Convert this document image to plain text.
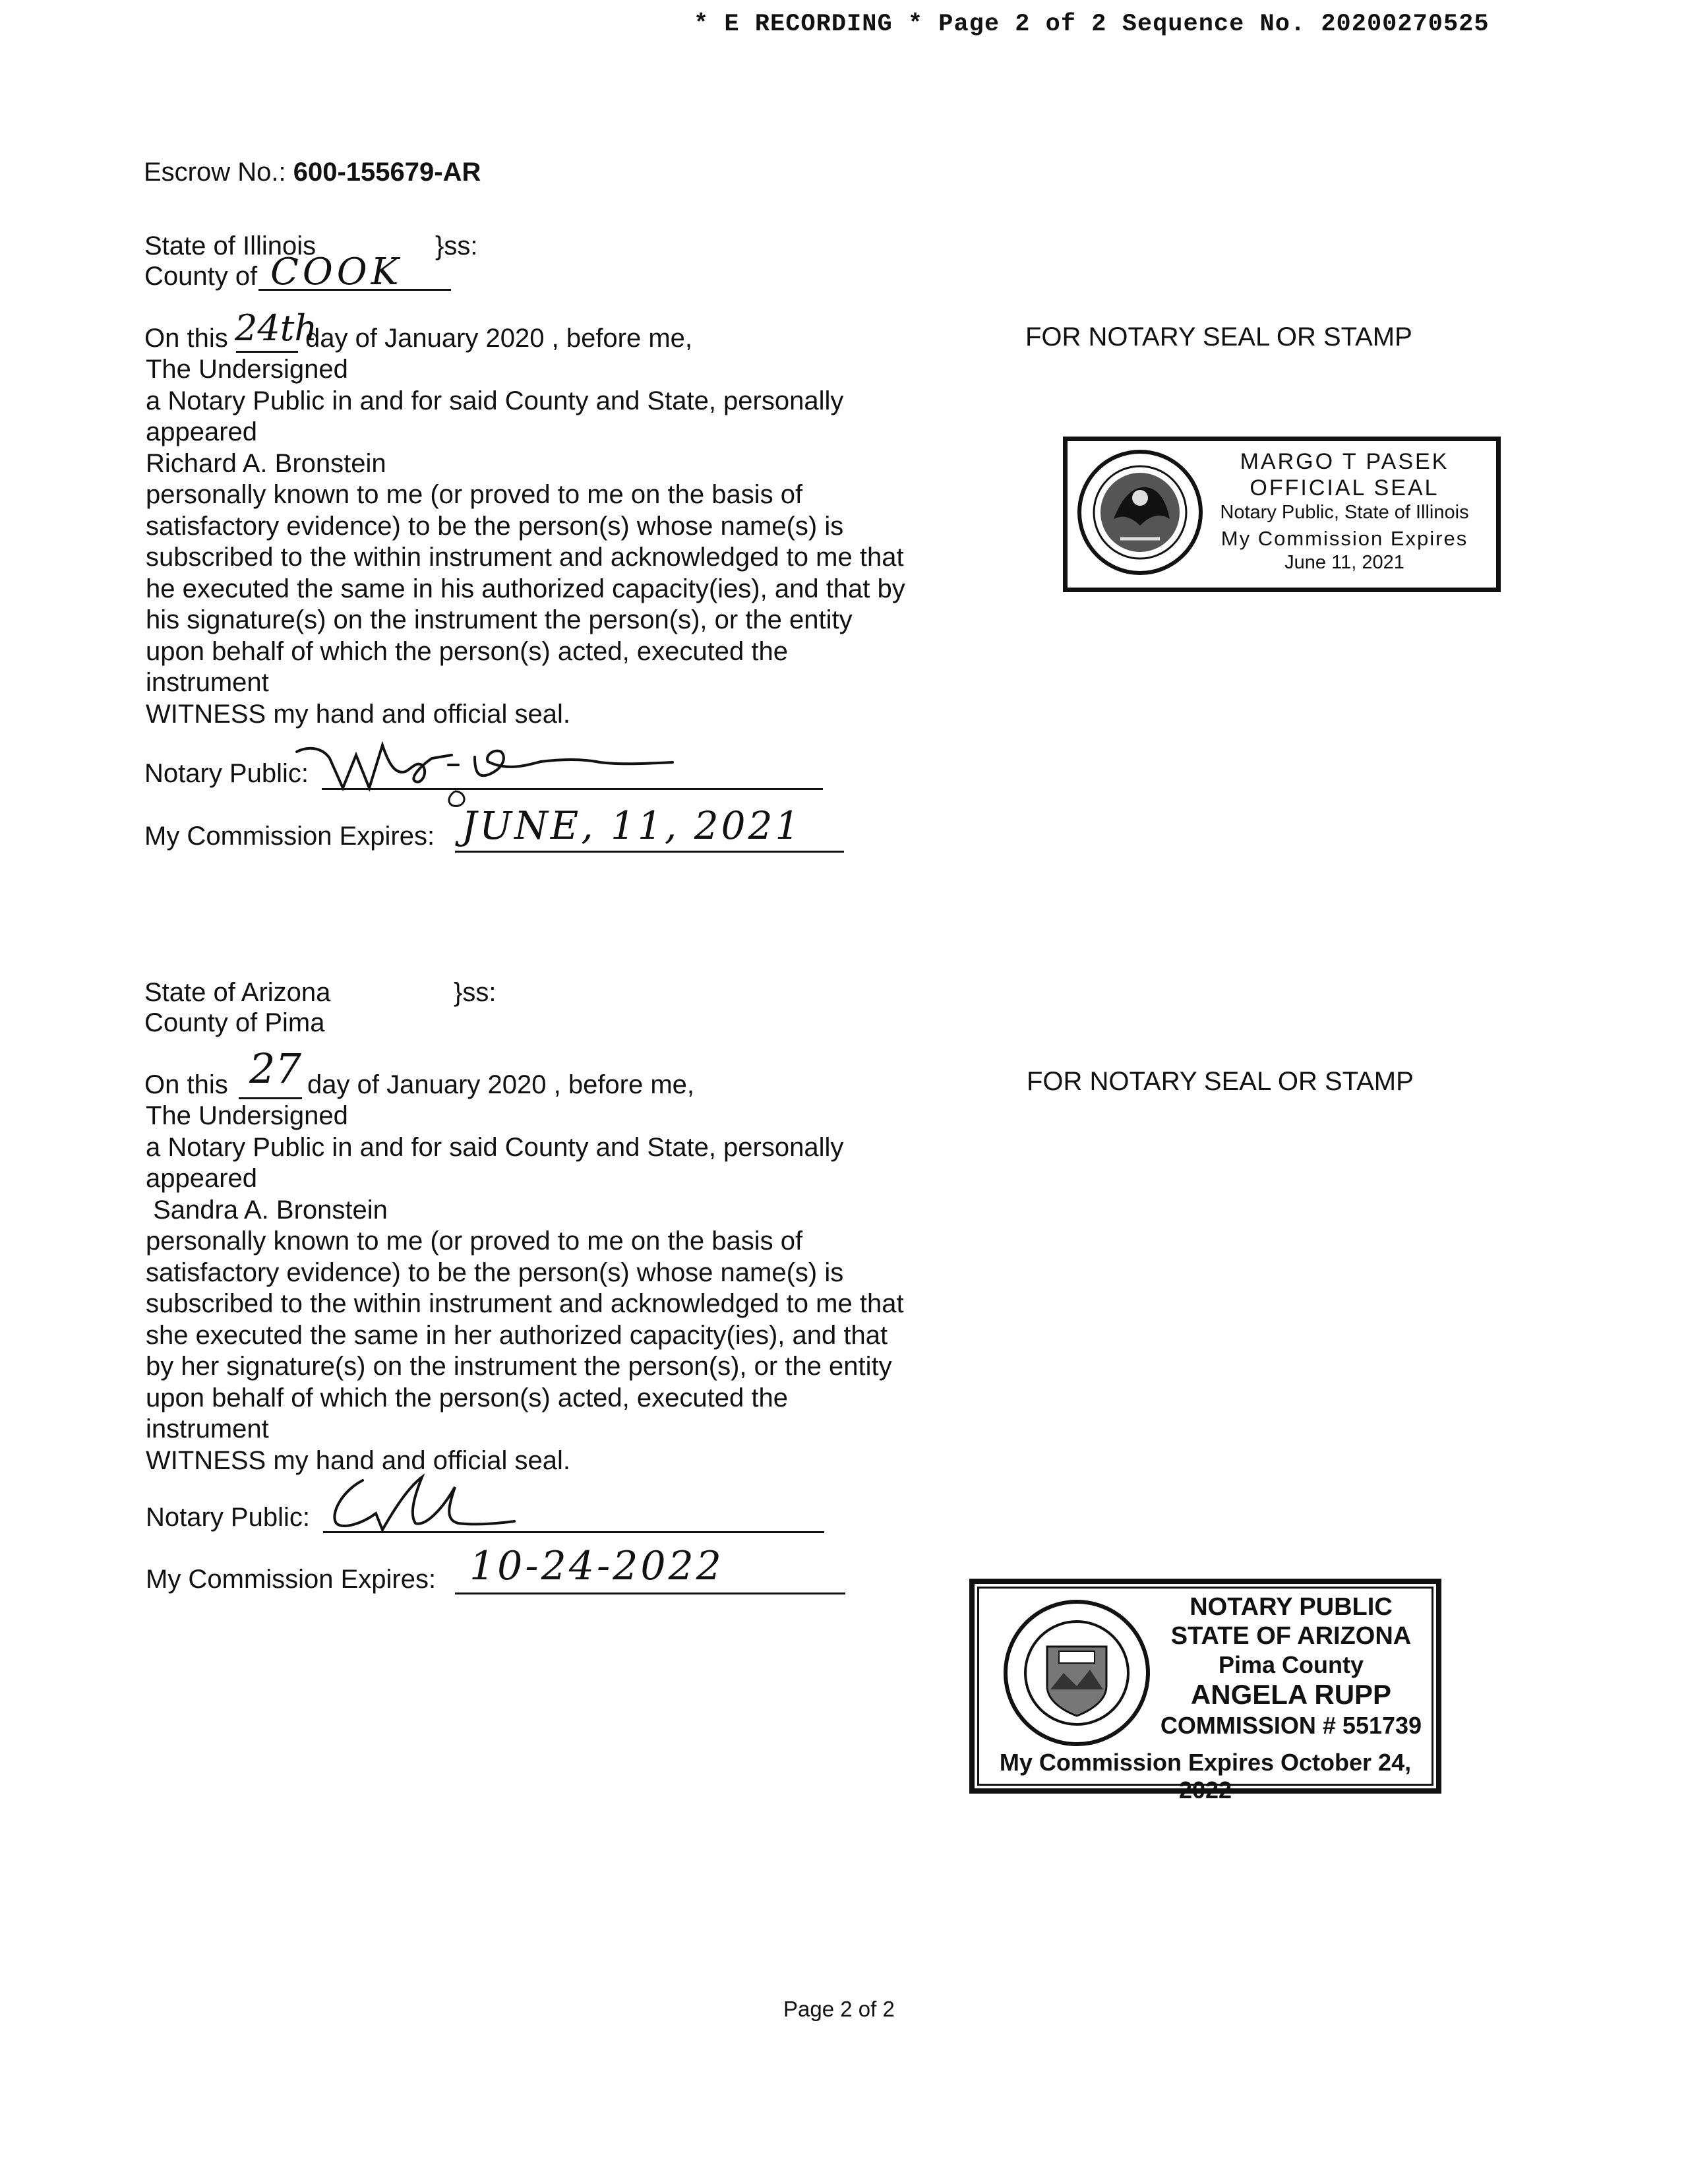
* E RECORDING * Page 2 of 2 Sequence No. 20200270525
Escrow No.: 600-155679-AR
State of Illinois	}ss:
County of COOK
On this 24th
day of January 2020 , before me,
The Undersigned
a Notary Public in and for said County and State, personally
appeared
Richard A. Bronstein
personally known to me (or proved to me on the basis of
satisfactory evidence) to be the person(s) whose name(s) is
subscribed to the within instrument and acknowledged to me that
he executed the same in his authorized capacity(ies), and that by
his signature(s) on the instrument the person(s), or the entity
upon behalf of which the person(s) acted, executed the
instrument
WITNESS my hand and official seal.
Notary Public:
My Commission Expires: JUNE, 11, 2021
FOR NOTARY SEAL OR STAMP
MARGO T PASEK
OFFICIAL SEAL
Notary Public, State of Illinois
My Commission Expires
June 11, 2021
State of Arizona	}ss:
County of Pima
On this 27 day of January 2020 , before me,
The Undersigned
a Notary Public in and for said County and State, personally
appeared
Sandra A. Bronstein
personally known to me (or proved to me on the basis of
satisfactory evidence) to be the person(s) whose name(s) is
subscribed to the within instrument and acknowledged to me that
she executed the same in her authorized capacity(ies), and that
by her signature(s) on the instrument the person(s), or the entity
upon behalf of which the person(s) acted, executed the
instrument
WITNESS my hand and official seal.
Notary Public:
My Commission Expires: 10-24-2022
FOR NOTARY SEAL OR STAMP
NOTARY PUBLIC
STATE OF ARIZONA
Pima County
ANGELA RUPP
COMMISSION # 551739
My Commission Expires October 24, 2022
Page 2 of 2
